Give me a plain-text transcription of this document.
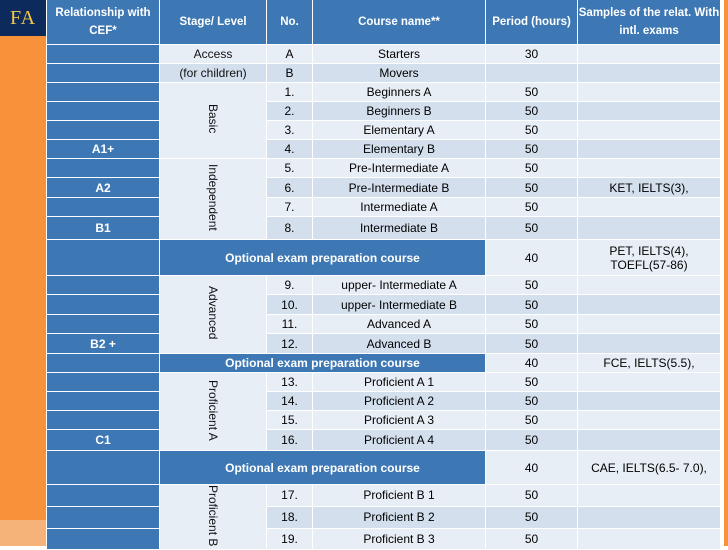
FA Relationship with CEF*	Stage/ Level	No.	Course name**	Period (hours)	Samples of the relat. With intl. exams
	Access	A	Starters	30	
	(for children)	B	Movers		
	Basic	1.	Beginners A	50	
		2.	Beginners B	50	
		3.	Elementary A	50	
A1+		4.	Elementary B	50	
	Independent	5.	Pre-Intermediate A	50	
A2		6.	Pre-Intermediate B	50	KET, IELTS(3),
		7.	Intermediate A	50	
B1		8.	Intermediate B	50	
	Optional exam preparation course			40	PET, IELTS(4), TOEFL(57-86)
	Advanced	9.	upper- Intermediate A	50	
		10.	upper- Intermediate B	50	
		11.	Advanced A	50	
B2 +		12.	Advanced B	50	
	Optional exam preparation course			40	FCE, IELTS(5.5),
	Proficient A	13.	Proficient A 1	50	
		14.	Proficient A 2	50	
		15.	Proficient A 3	50	
C1		16.	Proficient A 4	50	
	Optional exam preparation course			40	CAE, IELTS(6.5- 7.0),
	Proficient B	17.	Proficient B 1	50	
		18.	Proficient B 2	50	
		19.	Proficient B 3	50	
